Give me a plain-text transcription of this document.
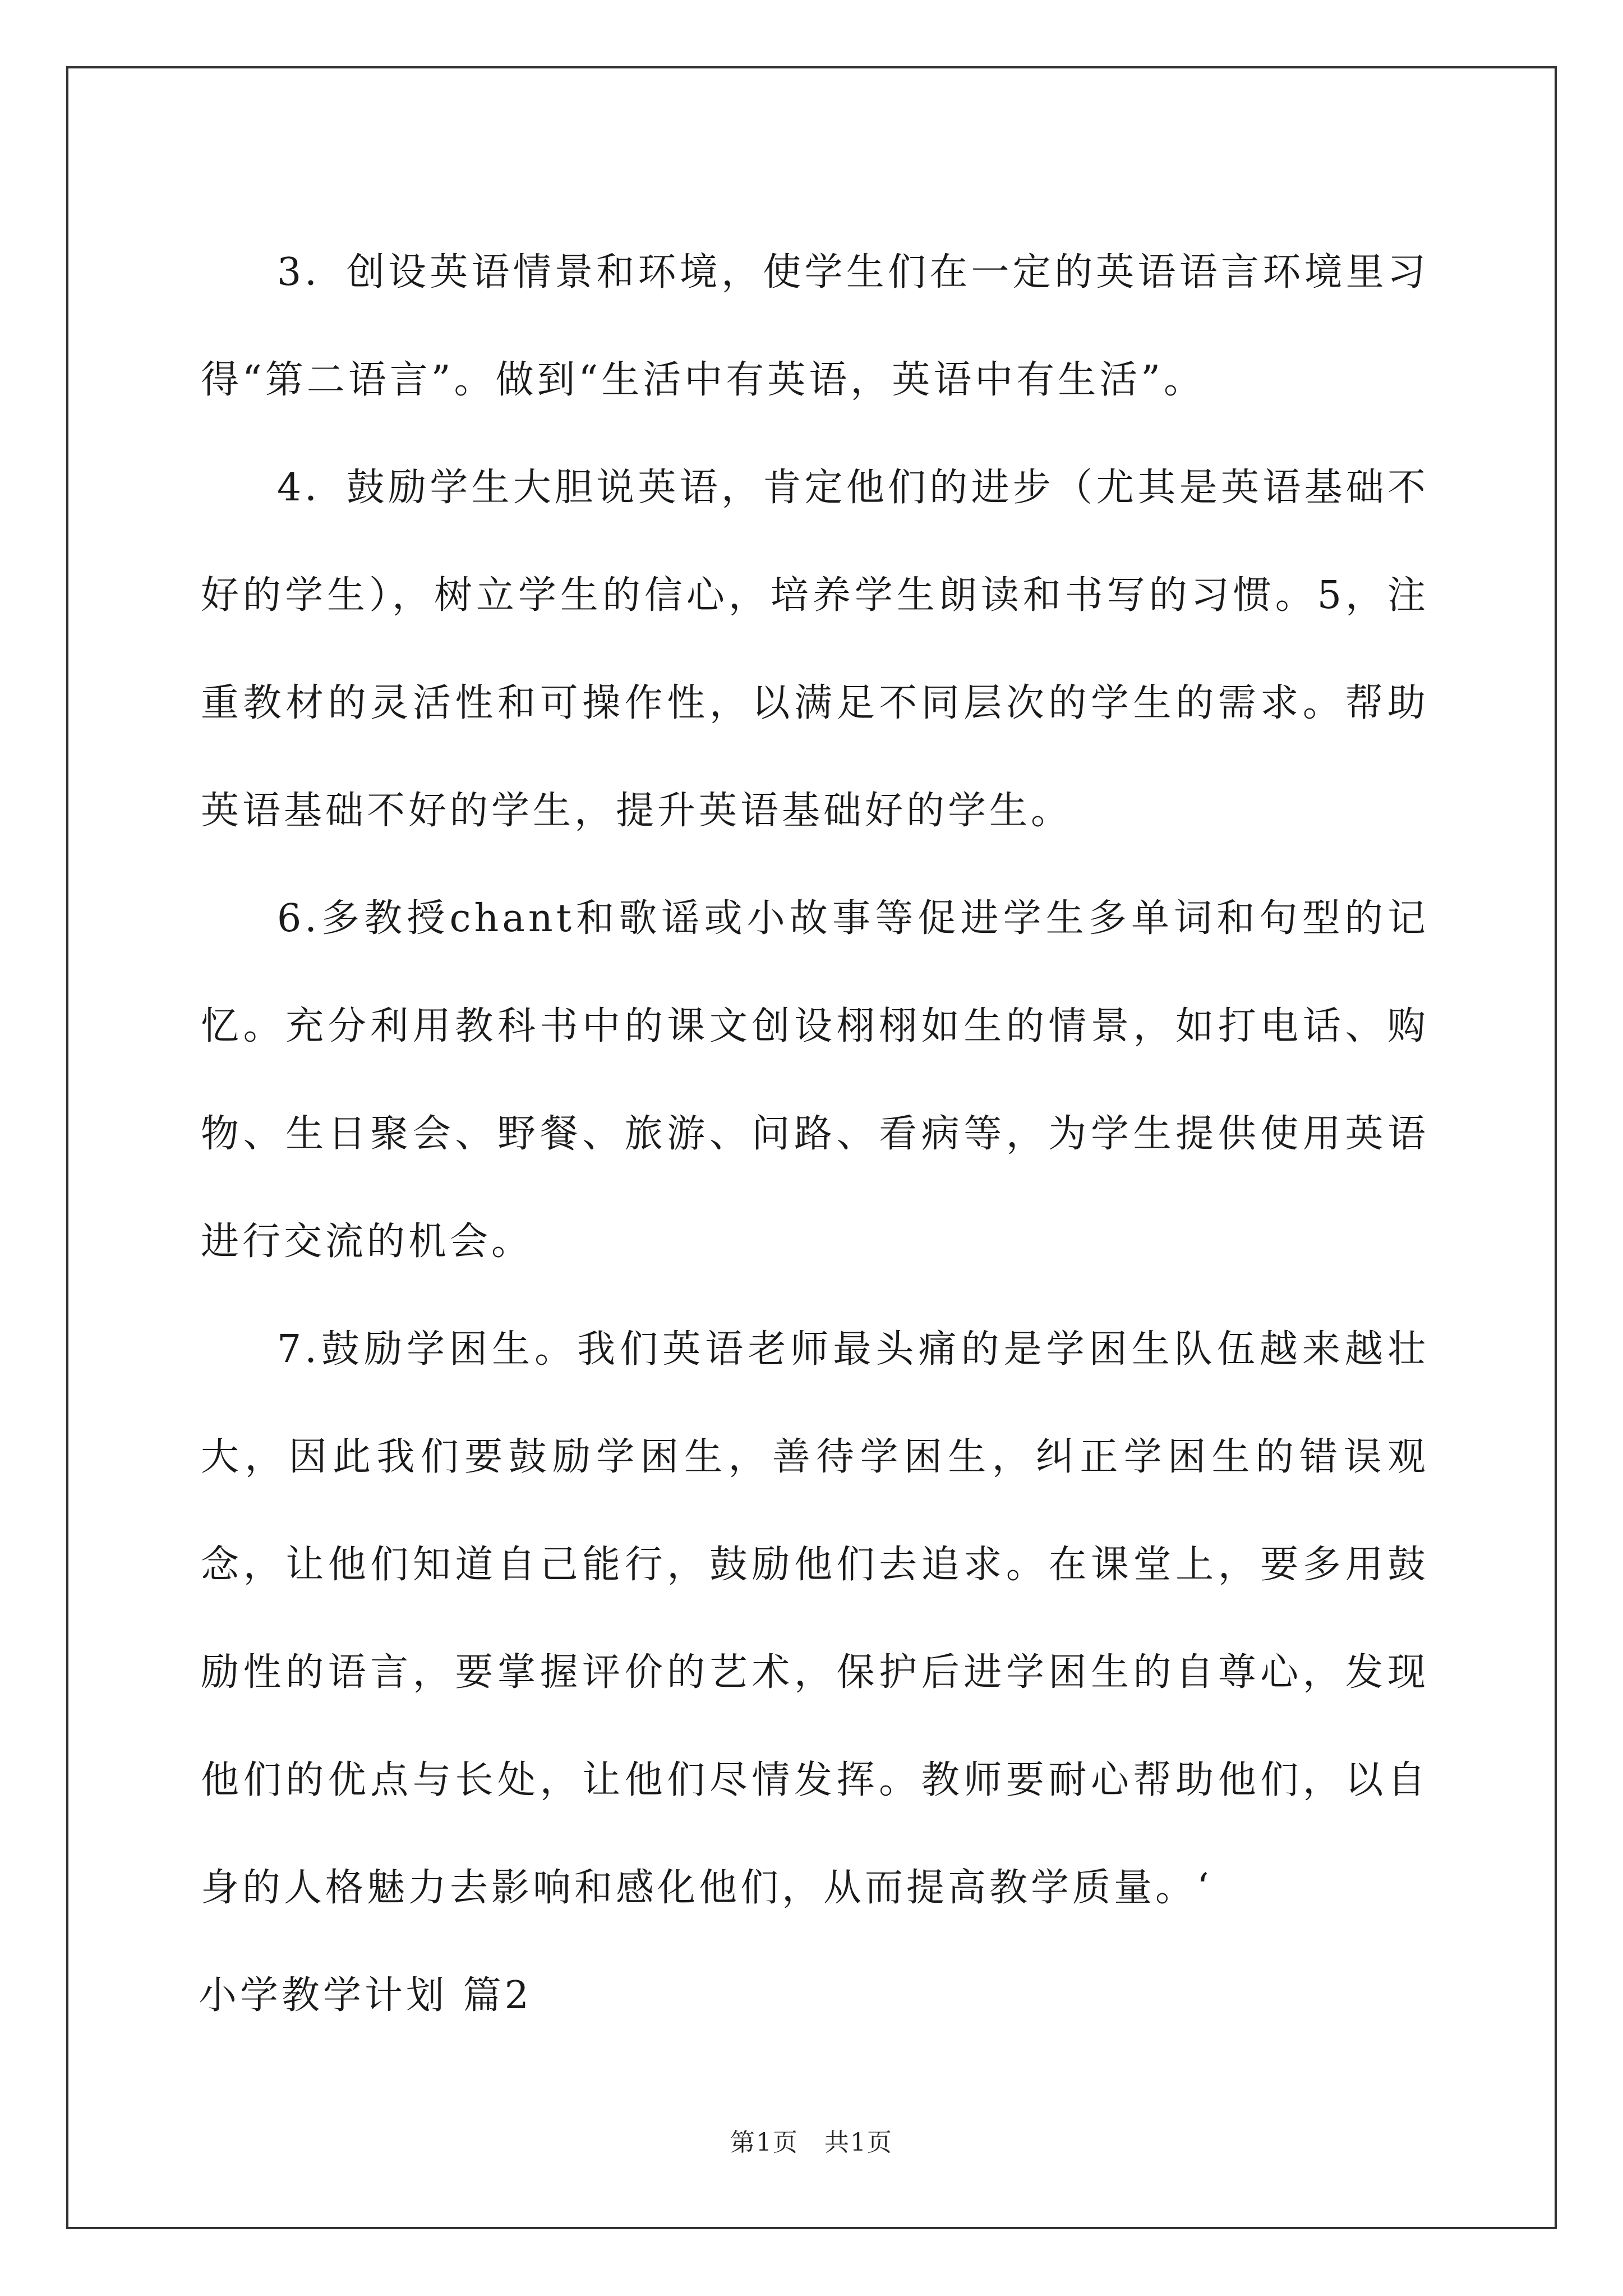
3．创设英语情景和环境，使学生们在一定的英语语言环境里习得“第二语言”。做到“生活中有英语，英语中有生活”。

4．鼓励学生大胆说英语，肯定他们的进步（尤其是英语基础不好的学生），树立学生的信心，培养学生朗读和书写的习惯。5，注重教材的灵活性和可操作性，以满足不同层次的学生的需求。帮助英语基础不好的学生，提升英语基础好的学生。

6.多教授chant和歌谣或小故事等促进学生多单词和句型的记忆。充分利用教科书中的课文创设栩栩如生的情景，如打电话、购物、生日聚会、野餐、旅游、问路、看病等，为学生提供使用英语进行交流的机会。

7.鼓励学困生。我们英语老师最头痛的是学困生队伍越来越壮大，因此我们要鼓励学困生，善待学困生，纠正学困生的错误观念，让他们知道自己能行，鼓励他们去追求。在课堂上，要多用鼓励性的语言，要掌握评价的艺术，保护后进学困生的自尊心，发现他们的优点与长处，让他们尽情发挥。教师要耐心帮助他们，以自身的人格魅力去影响和感化他们，从而提高教学质量。‘

小学教学计划 篇2

第1页　共1页
